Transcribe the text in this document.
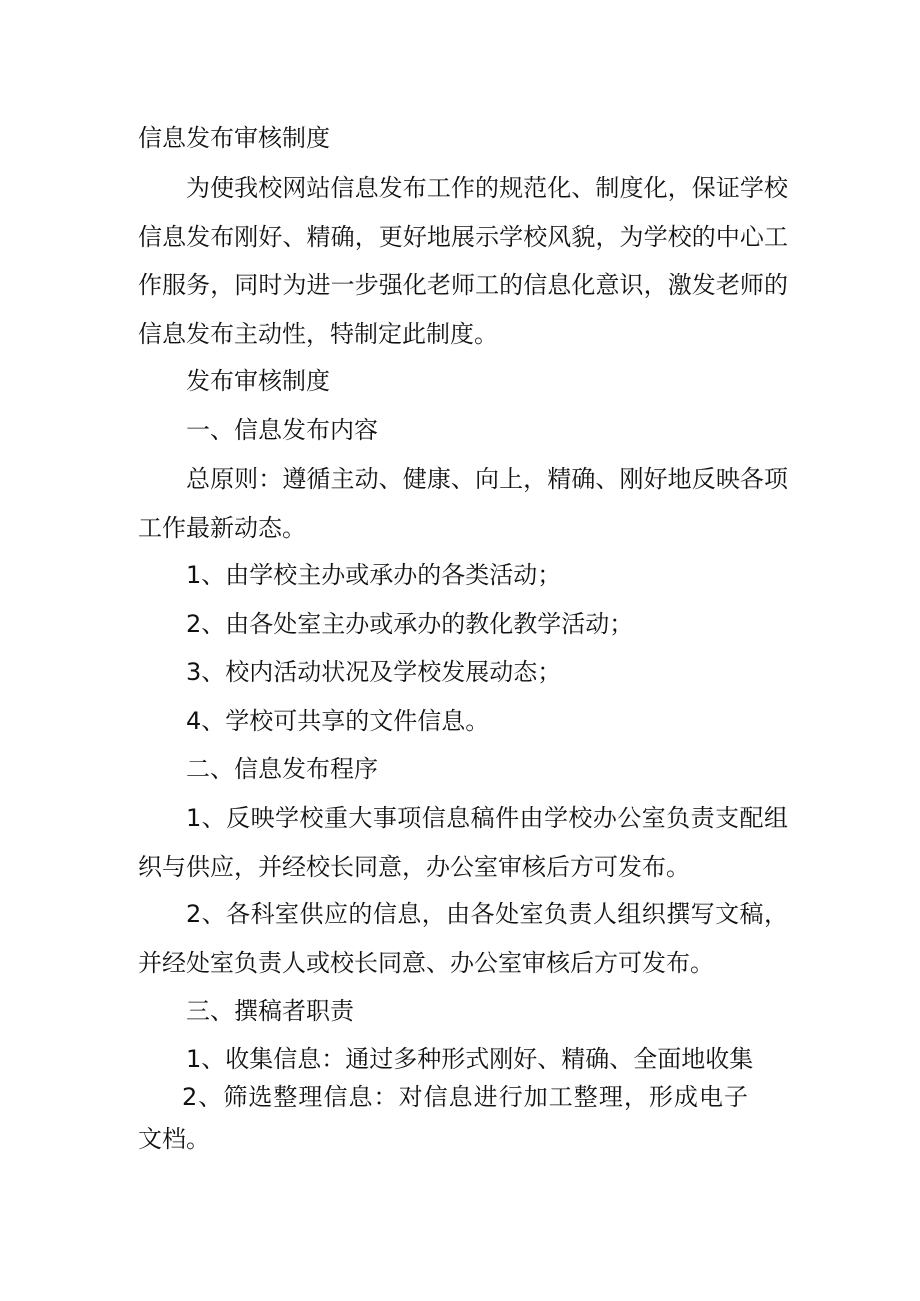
信息发布审核制度

为使我校网站信息发布工作的规范化、制度化，保证学校信息发布刚好、精确，更好地展示学校风貌，为学校的中心工作服务，同时为进一步强化老师工的信息化意识，激发老师的信息发布主动性，特制定此制度。

发布审核制度

一、信息发布内容

总原则：遵循主动、健康、向上，精确、刚好地反映各项工作最新动态。

1、由学校主办或承办的各类活动；

2、由各处室主办或承办的教化教学活动；

3、校内活动状况及学校发展动态；

4、学校可共享的文件信息。

二、信息发布程序

1、反映学校重大事项信息稿件由学校办公室负责支配组织与供应，并经校长同意，办公室审核后方可发布。

2、各科室供应的信息，由各处室负责人组织撰写文稿，并经处室负责人或校长同意、办公室审核后方可发布。

三、撰稿者职责

1、收集信息：通过多种形式刚好、精确、全面地收集

2、筛选整理信息：对信息进行加工整理，形成电子文档。
